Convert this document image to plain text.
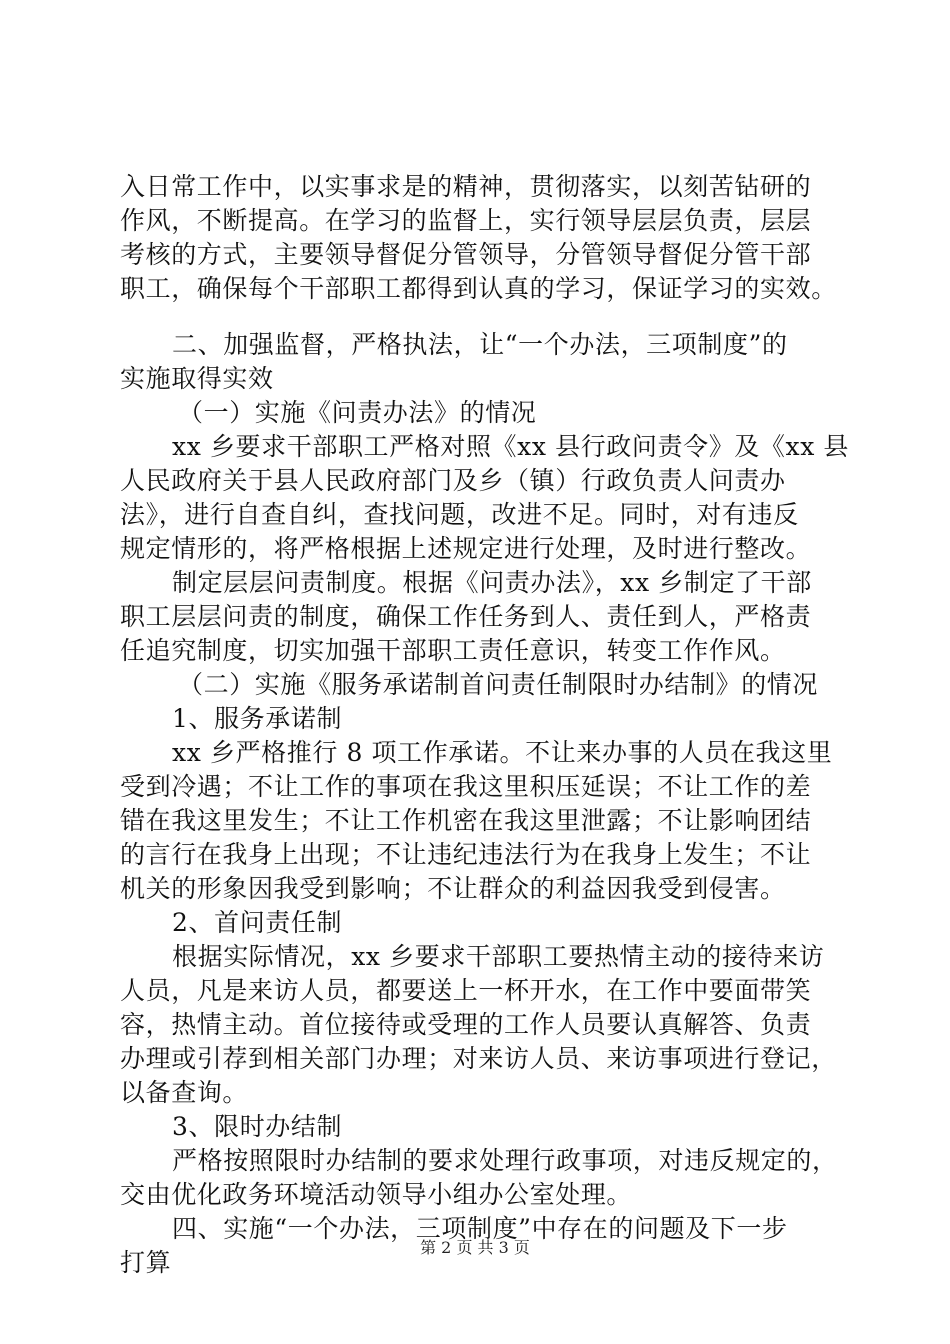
入日常工作中，以实事求是的精神，贯彻落实，以刻苦钻研的
作风，不断提高。在学习的监督上，实行领导层层负责，层层
考核的方式，主要领导督促分管领导，分管领导督促分管干部
职工，确保每个干部职工都得到认真的学习，保证学习的实效。
二、加强监督，严格执法，让“一个办法，三项制度”的
实施取得实效
（一）实施《问责办法》的情况
xx 乡要求干部职工严格对照《xx 县行政问责令》及《xx 县
人民政府关于县人民政府部门及乡（镇）行政负责人问责办
法》，进行自查自纠，查找问题，改进不足。同时，对有违反
规定情形的，将严格根据上述规定进行处理，及时进行整改。
制定层层问责制度。根据《问责办法》，xx 乡制定了干部
职工层层问责的制度，确保工作任务到人、责任到人，严格责
任追究制度，切实加强干部职工责任意识，转变工作作风。
（二）实施《服务承诺制首问责任制限时办结制》的情况
1、服务承诺制
xx 乡严格推行 8 项工作承诺。不让来办事的人员在我这里
受到冷遇；不让工作的事项在我这里积压延误；不让工作的差
错在我这里发生；不让工作机密在我这里泄露；不让影响团结
的言行在我身上出现；不让违纪违法行为在我身上发生；不让
机关的形象因我受到影响；不让群众的利益因我受到侵害。
2、首问责任制
根据实际情况，xx 乡要求干部职工要热情主动的接待来访
人员，凡是来访人员，都要送上一杯开水，在工作中要面带笑
容，热情主动。首位接待或受理的工作人员要认真解答、负责
办理或引荐到相关部门办理；对来访人员、来访事项进行登记，
以备查询。
3、限时办结制
严格按照限时办结制的要求处理行政事项，对违反规定的，
交由优化政务环境活动领导小组办公室处理。
四、实施“一个办法，三项制度”中存在的问题及下一步
打算
第 2 页 共 3 页
